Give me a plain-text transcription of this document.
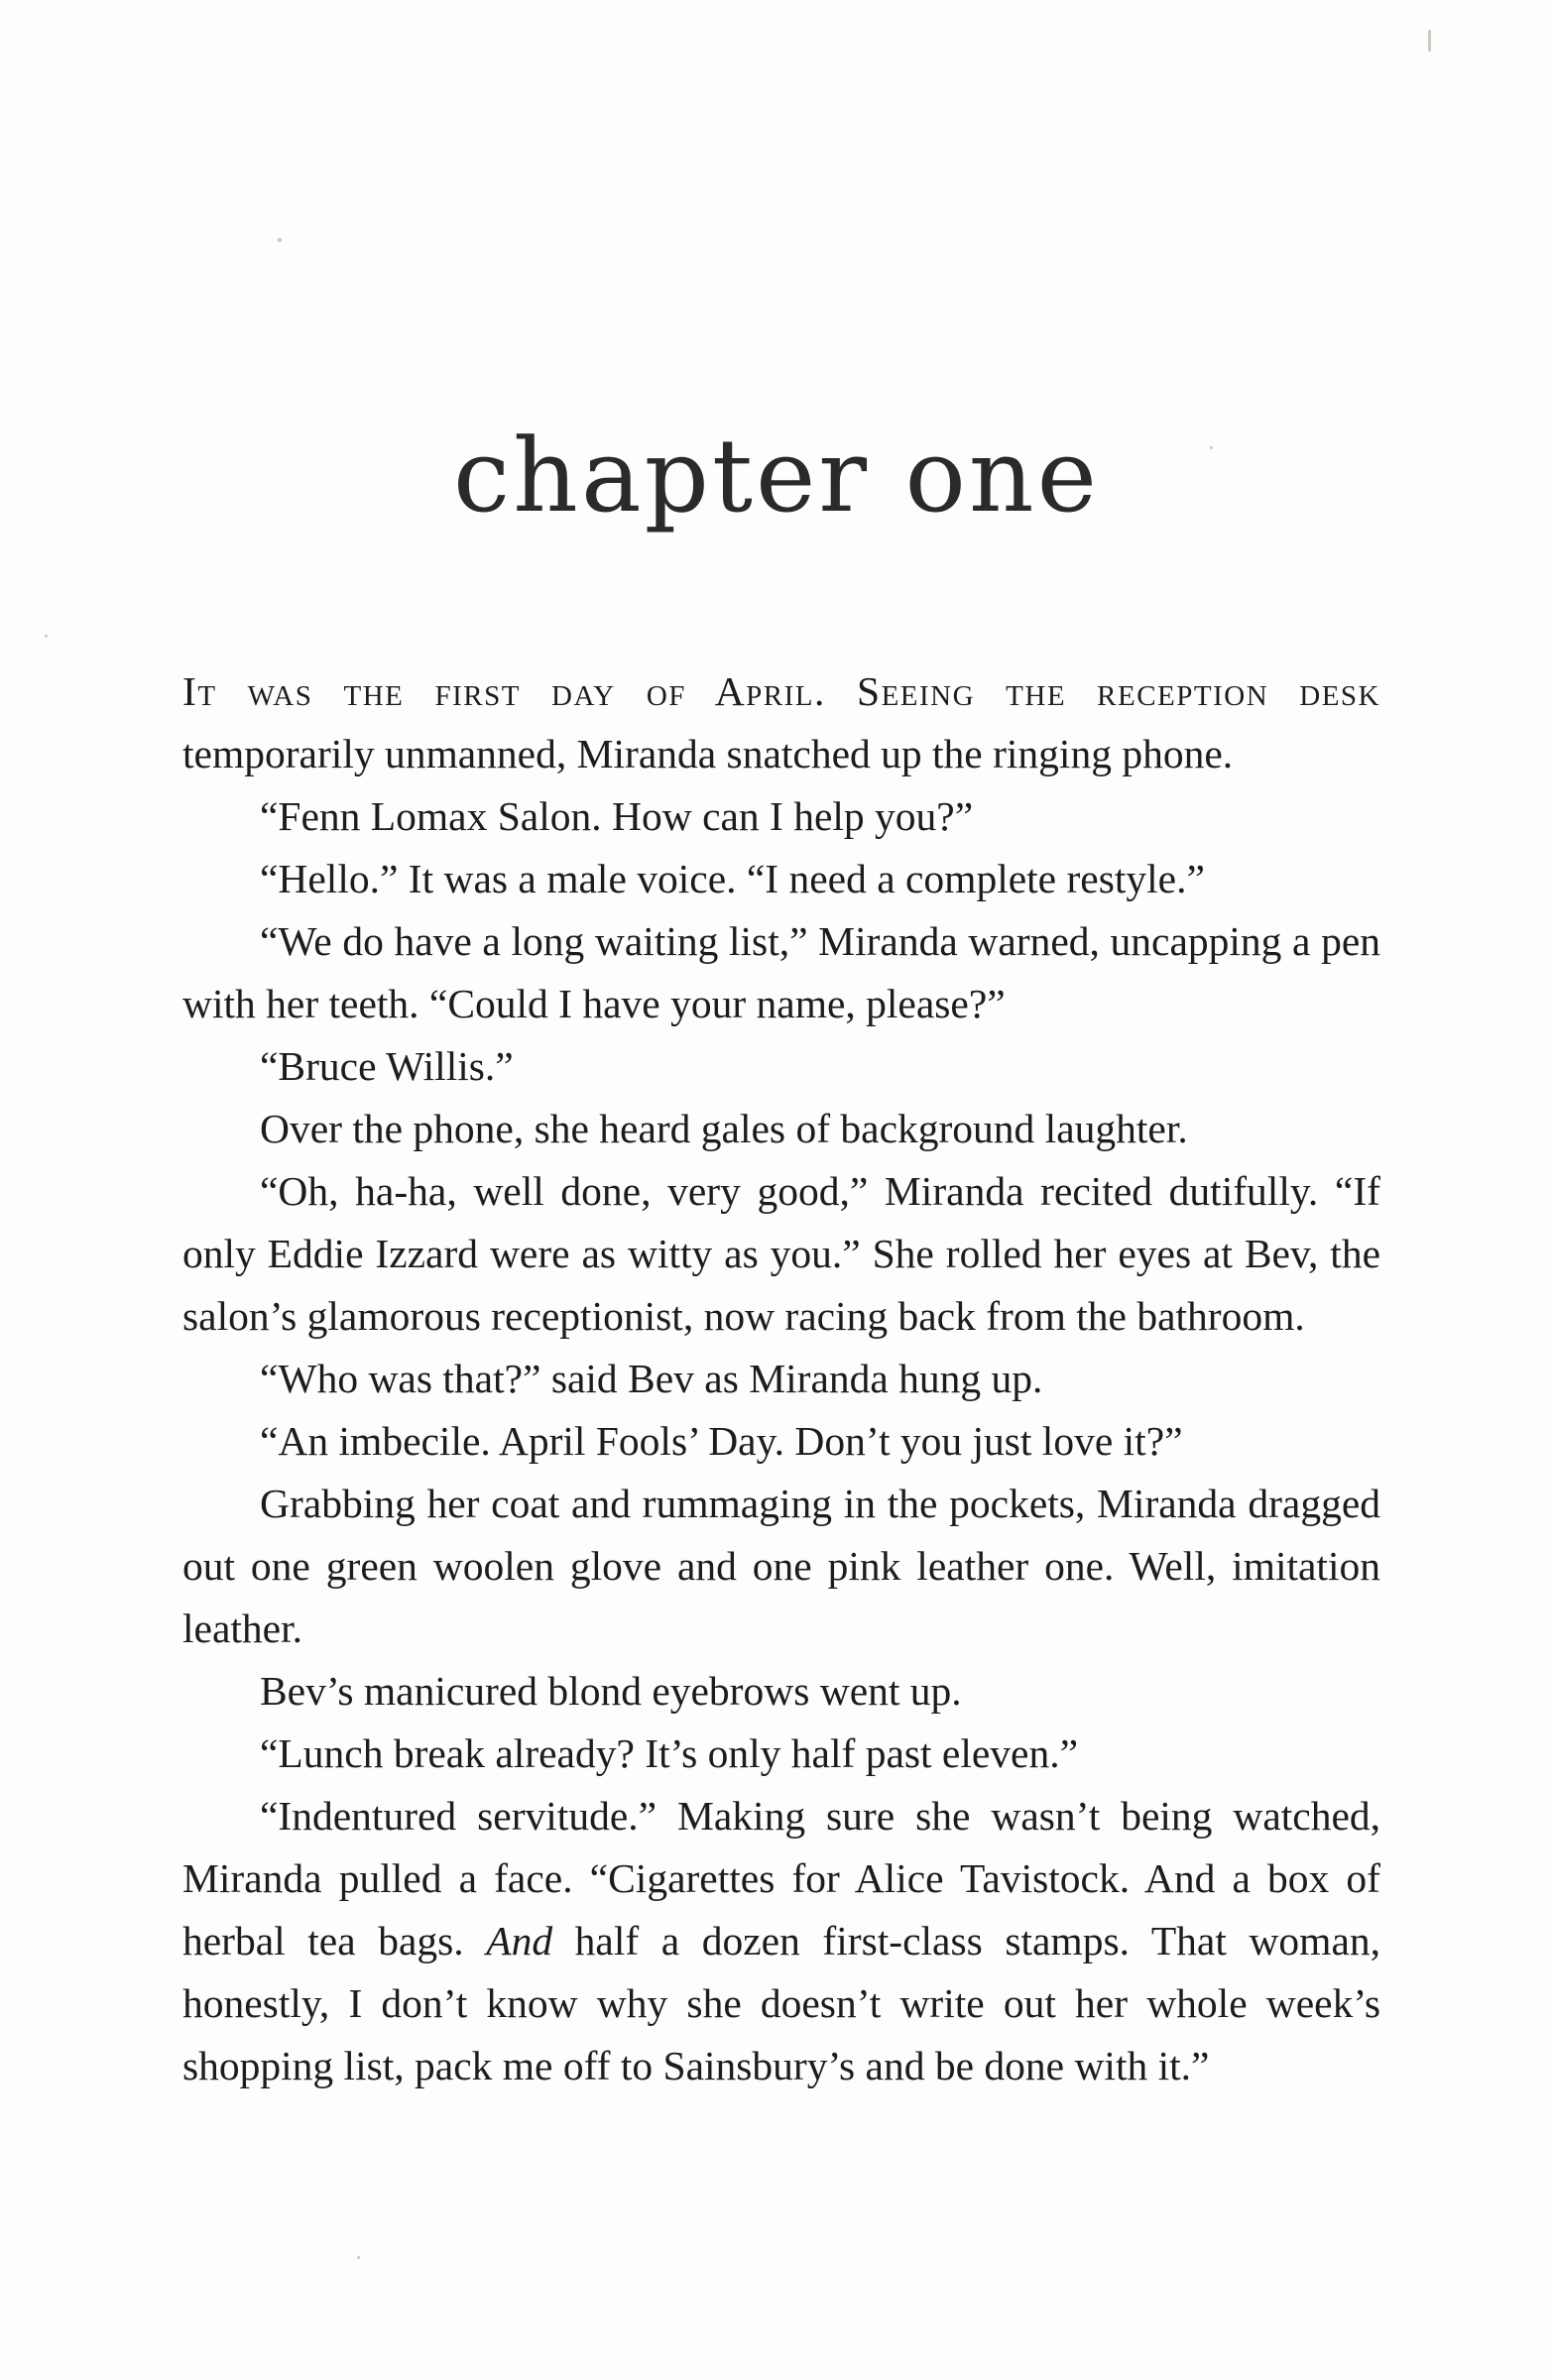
chapter one

It was the first day of April. Seeing the reception desk temporarily unmanned, Miranda snatched up the ringing phone.

“Fenn Lomax Salon. How can I help you?”

“Hello.” It was a male voice. “I need a complete restyle.”

“We do have a long waiting list,” Miranda warned, uncapping a pen with her teeth. “Could I have your name, please?”

“Bruce Willis.”

Over the phone, she heard gales of background laughter.

“Oh, ha-ha, well done, very good,” Miranda recited dutifully. “If only Eddie Izzard were as witty as you.” She rolled her eyes at Bev, the salon’s glamorous receptionist, now racing back from the bathroom.

“Who was that?” said Bev as Miranda hung up.

“An imbecile. April Fools’ Day. Don’t you just love it?”

Grabbing her coat and rummaging in the pockets, Miranda dragged out one green woolen glove and one pink leather one. Well, imitation leather.

Bev’s manicured blond eyebrows went up.

“Lunch break already? It’s only half past eleven.”

“Indentured servitude.” Making sure she wasn’t being watched, Miranda pulled a face. “Cigarettes for Alice Tavistock. And a box of herbal tea bags. And half a dozen first-class stamps. That woman, honestly, I don’t know why she doesn’t write out her whole week’s shopping list, pack me off to Sainsbury’s and be done with it.”
